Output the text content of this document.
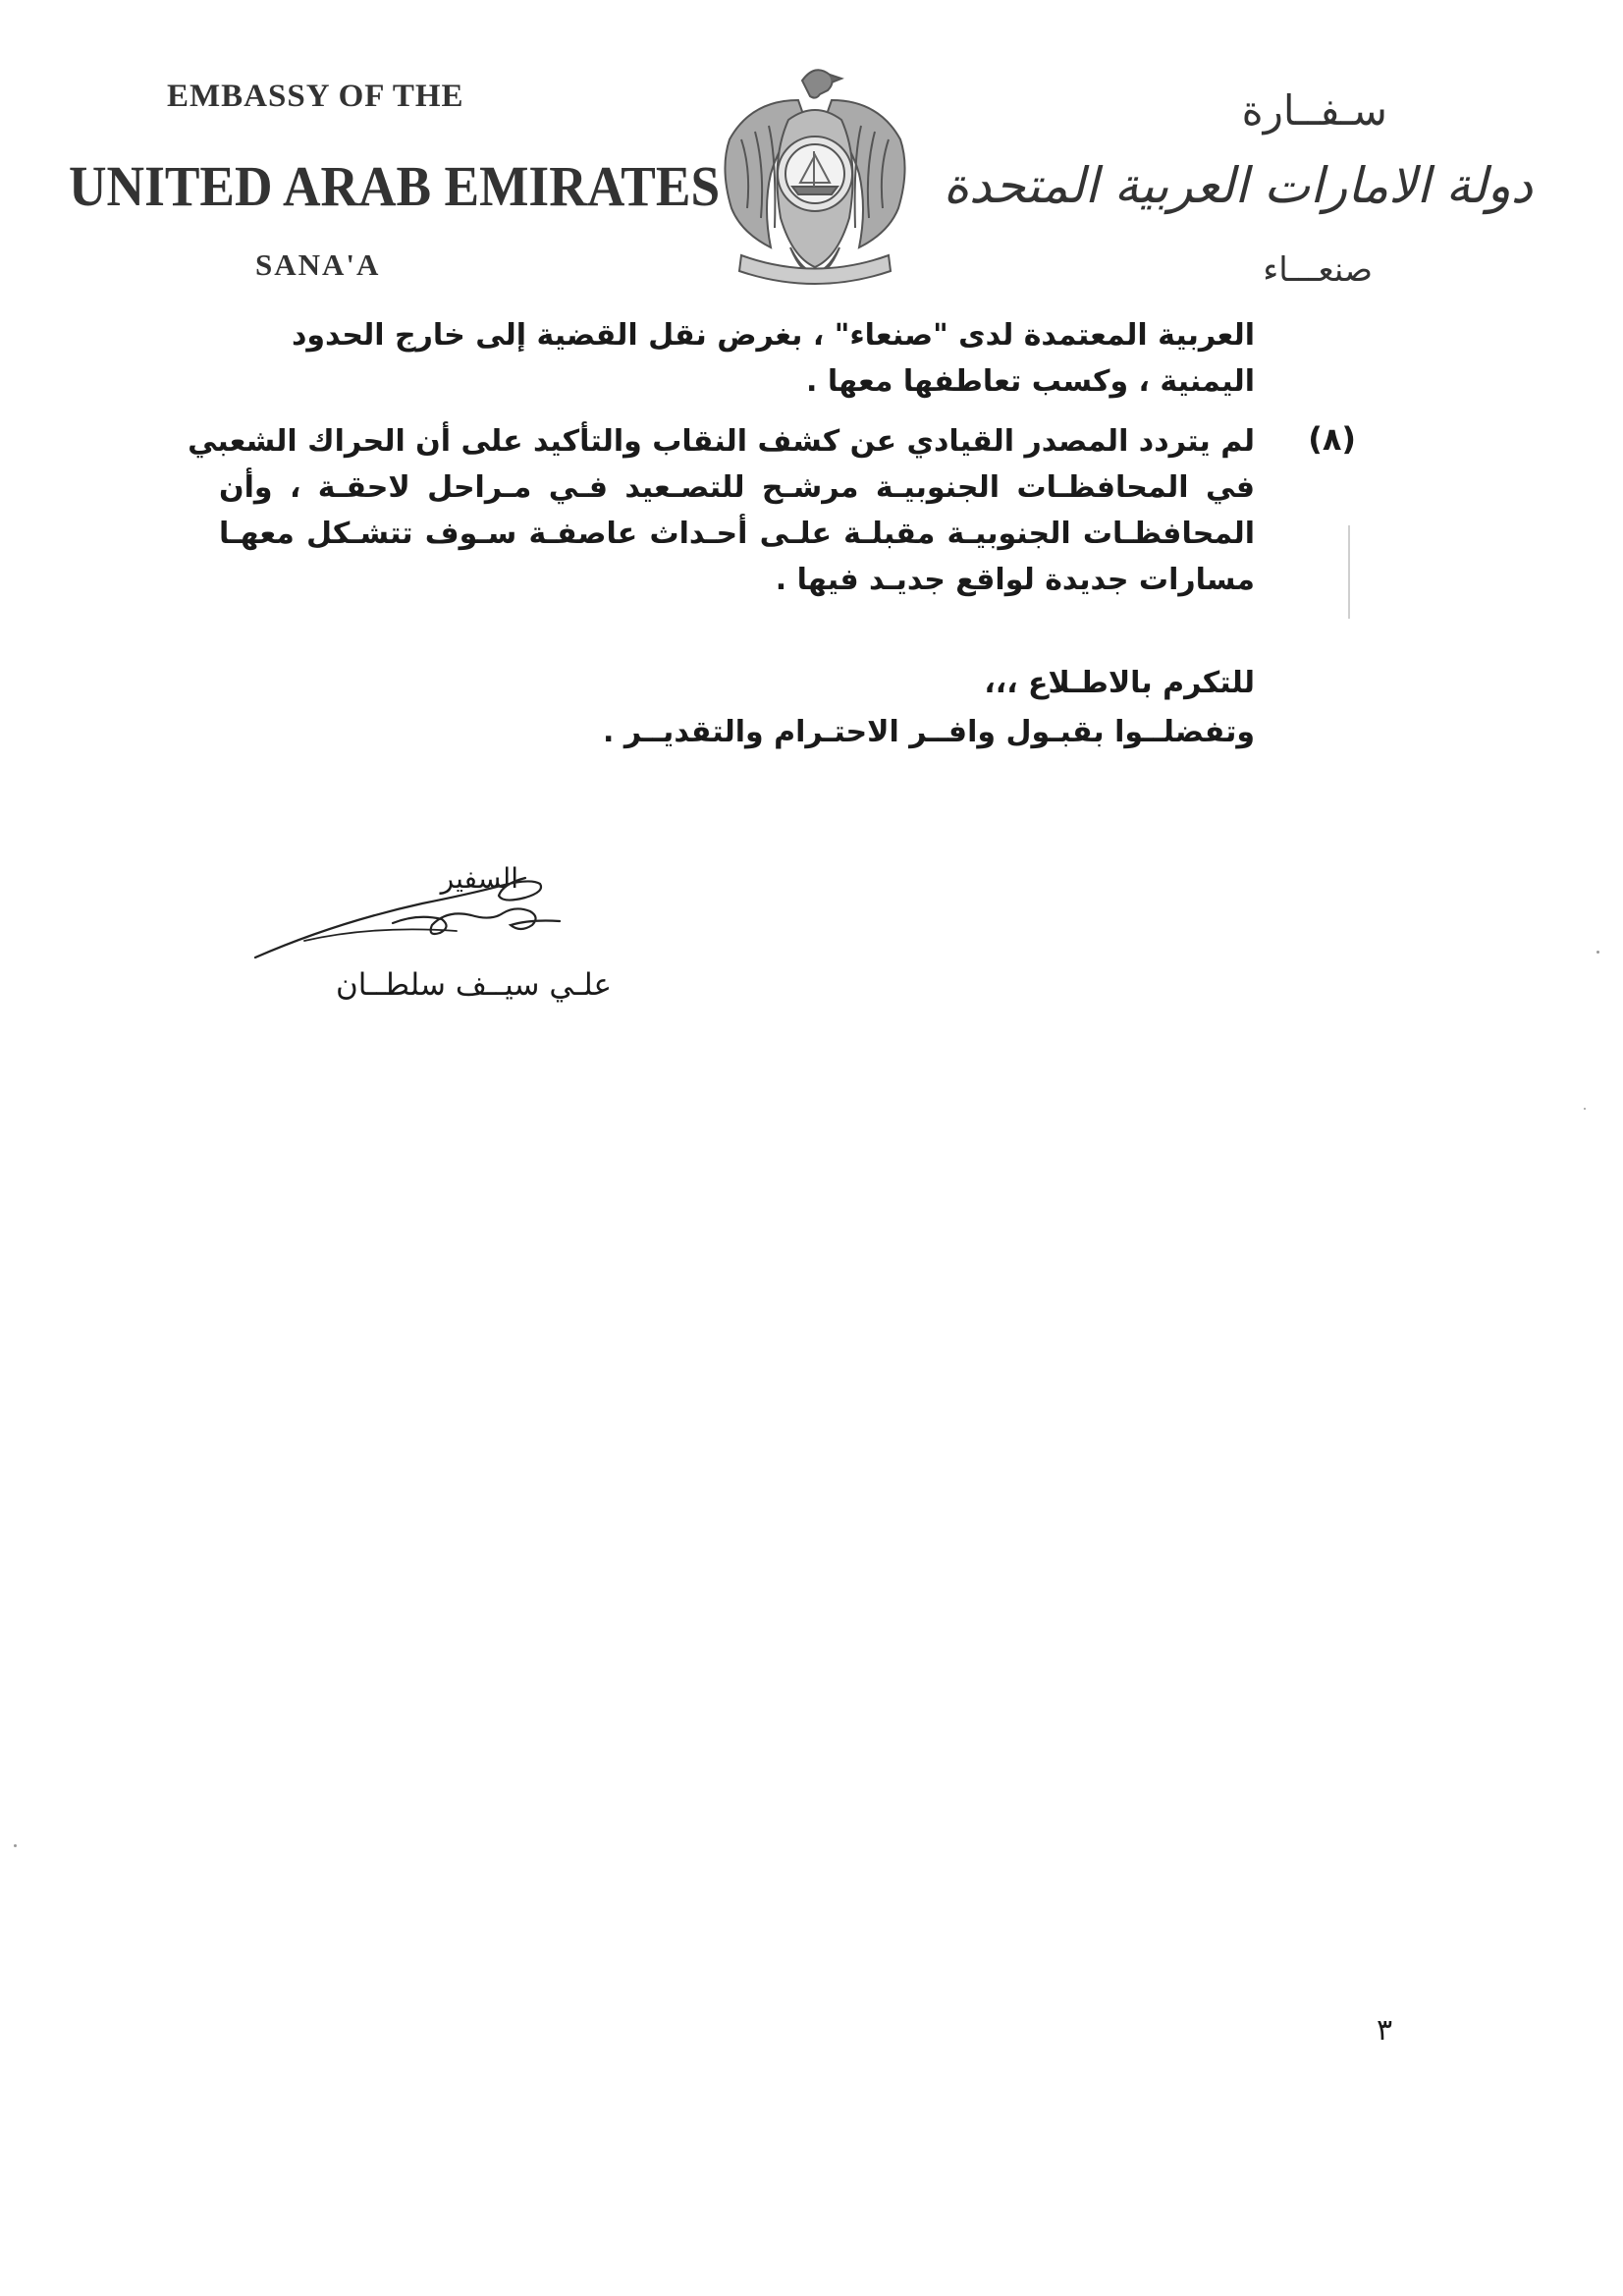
EMBASSY OF THE
UNITED ARAB EMIRATES
SANA'A
سـفــارة
دولة الامارات العربية المتحدة
صنعـــاء
العربية المعتمدة لدى "صنعاء" ، بغرض نقل القضية إلى خارج الحدود
اليمنية ، وكسب تعاطفها معها .
(٨)
لم يتردد المصدر القيادي عن كشف النقاب والتأكيد على أن الحراك الشعبي
في المحافظـات الجنوبيـة مرشـح للتصـعيد فـي مـراحل لاحقـة ، وأن
المحافظـات الجنوبيـة مقبلـة علـى أحـداث عاصفـة سـوف تتشـكل معهـا
مسارات جديدة لواقع جديـد فيها .
للتكرم بالاطـلاع ،،،
وتفضلــوا بقبـول وافــر الاحتـرام والتقديــر .
السفير
علـي سيــف سلطــان
٣
